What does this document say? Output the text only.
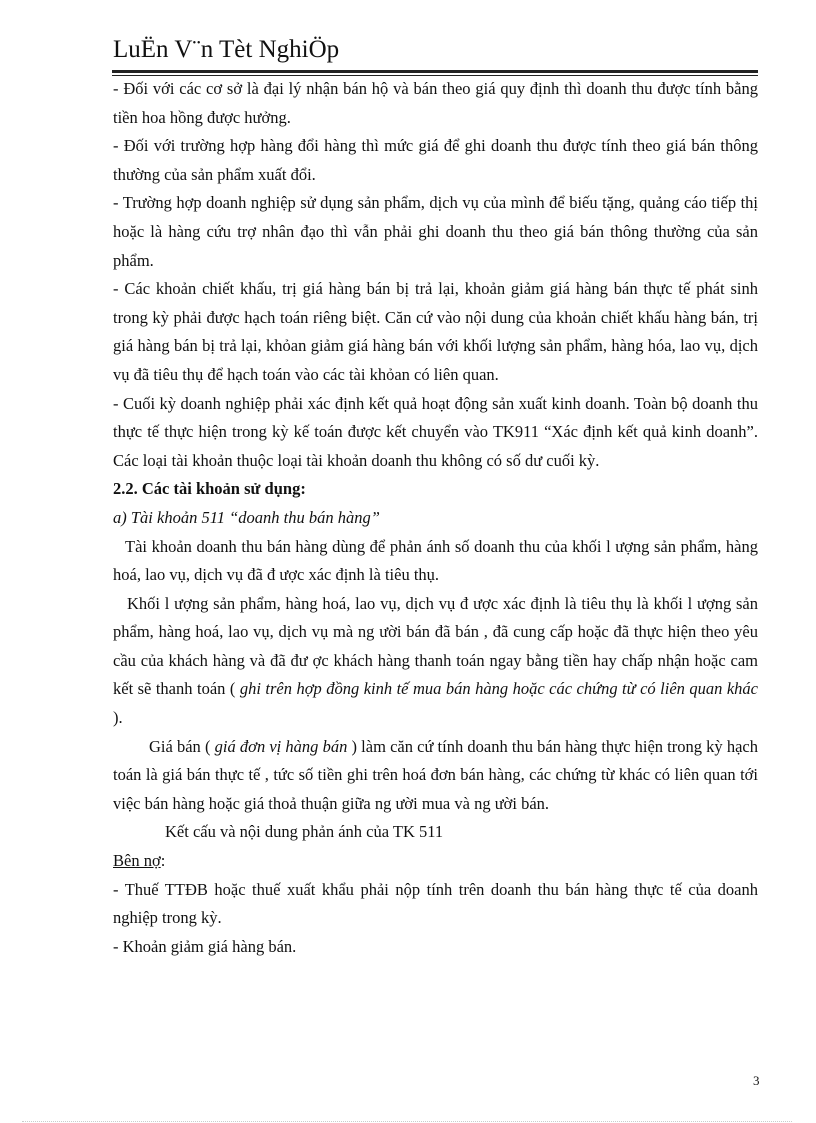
LuËn V¨n Tèt NghiÖp

- Đối với các cơ sở là đại lý nhận bán hộ và bán theo giá quy định thì doanh thu được tính bằng tiền hoa hồng được hưởng.

- Đối với trường hợp hàng đổi hàng thì mức giá để ghi doanh thu được tính theo giá bán thông thường của sản phẩm xuất đổi.

- Trường hợp doanh nghiệp sử dụng sản phẩm, dịch vụ của mình để biếu tặng, quảng cáo tiếp thị hoặc là hàng cứu trợ nhân đạo thì vẫn phải ghi doanh thu theo giá bán thông thường của sản phẩm.

- Các khoản chiết khấu, trị giá hàng bán bị trả lại, khoản giảm giá hàng bán thực tế phát sinh trong kỳ phải được hạch toán riêng biệt. Căn cứ vào nội dung của khoản chiết khấu hàng bán, trị giá hàng bán bị trả lại, khỏan giảm giá hàng bán với khối lượng sản phẩm, hàng hóa, lao vụ, dịch vụ đã tiêu thụ để hạch toán vào các tài khỏan có liên quan.

- Cuối kỳ doanh nghiệp phải xác định kết quả hoạt động sản xuất kinh doanh. Toàn bộ doanh thu thực tế thực hiện trong kỳ kế toán được kết chuyển vào TK911 “Xác định kết quả kinh doanh”. Các loại tài khoản thuộc loại tài khoản doanh thu không có số dư cuối kỳ.

2.2. Các tài khoản sử dụng:

a) Tài khoản 511 “doanh thu bán hàng”

Tài khoản doanh thu bán hàng dùng để phản ánh số doanh thu của khối l ượng sản phẩm, hàng hoá, lao vụ, dịch vụ đã đ ược xác định là tiêu thụ.

Khối l ượng sản phẩm, hàng hoá, lao vụ, dịch vụ đ ược xác định là tiêu thụ là khối l ượng sản phẩm, hàng hoá, lao vụ, dịch vụ mà ng ười bán đã bán , đã cung cấp hoặc đã thực hiện theo yêu cầu của khách hàng và đã đư ợc khách hàng thanh toán ngay bằng tiền hay chấp nhận hoặc cam kết sẽ thanh toán ( ghi trên hợp đồng kinh tế mua bán hàng hoặc các chứng từ có liên quan khác ).

Giá bán ( giá đơn vị hàng bán ) làm căn cứ tính doanh thu bán hàng thực hiện trong kỳ hạch toán là giá bán thực tế , tức số tiền ghi trên hoá đơn bán hàng, các chứng từ khác có liên quan tới việc bán hàng hoặc giá thoả thuận giữa ng ười mua và ng ười bán.

Kết cấu và nội dung phản ánh của TK 511

Bên nợ:

- Thuế TTĐB hoặc thuế xuất khẩu phải nộp tính trên doanh thu bán hàng thực tế của doanh nghiệp trong kỳ.

- Khoản giảm giá hàng bán.

3
